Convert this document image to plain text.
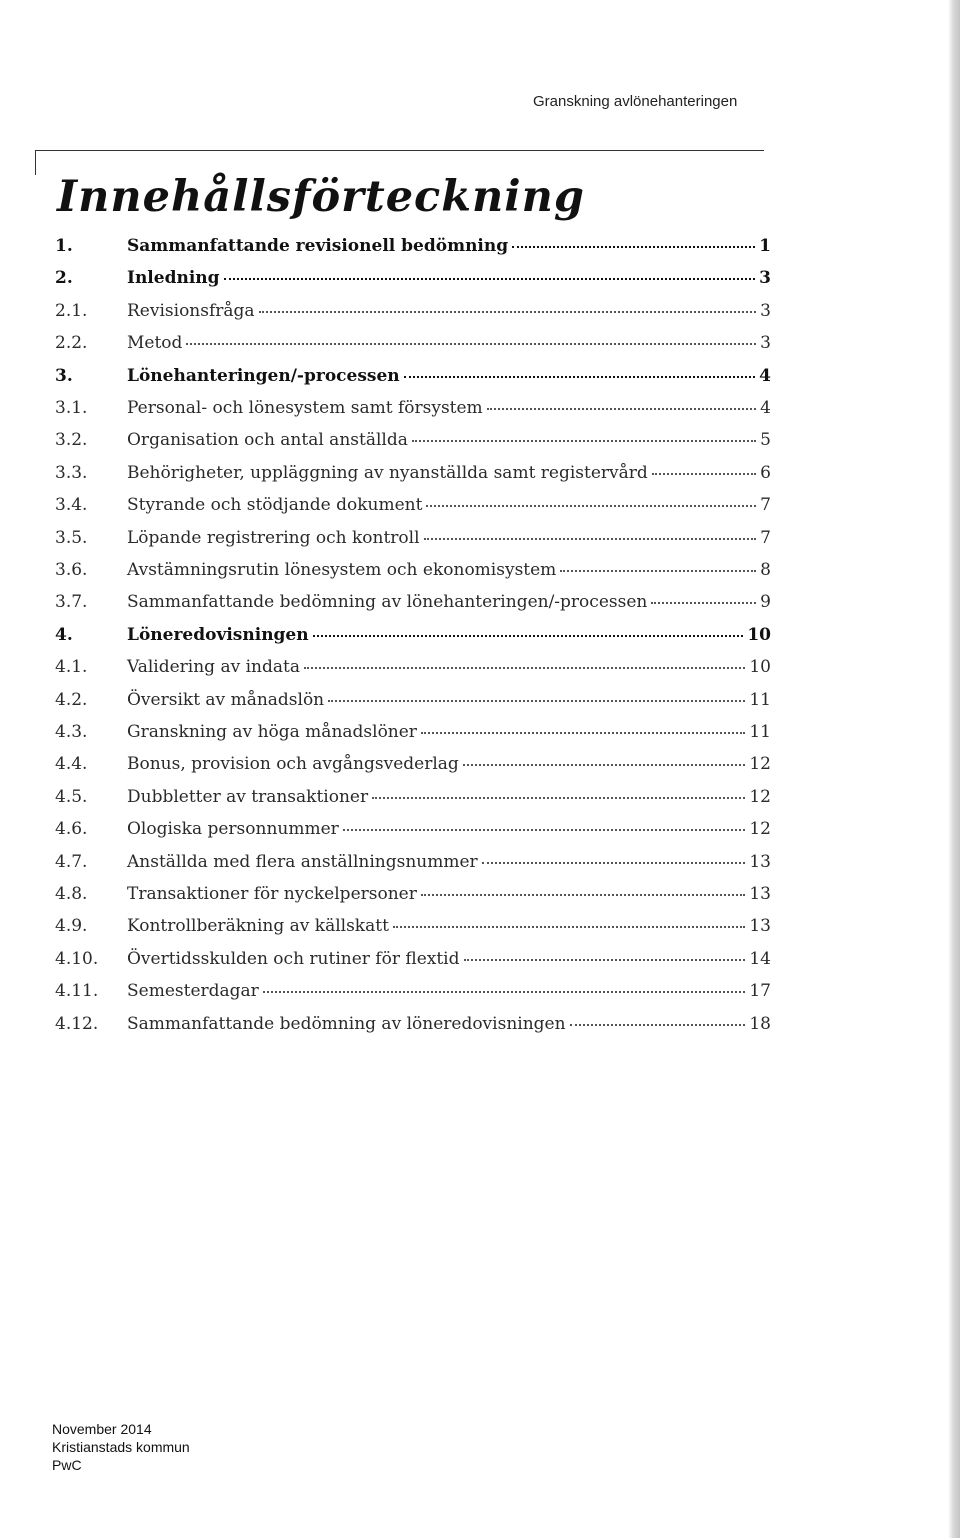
Granskning avlönehanteringen
Innehållsförteckning
1.	Sammanfattande revisionell bedömning	1
2.	Inledning	3
2.1.	Revisionsfråga	3
2.2.	Metod	3
3.	Lönehanteringen/-processen	4
3.1.	Personal- och lönesystem samt försystem	4
3.2.	Organisation och antal anställda	5
3.3.	Behörigheter, uppläggning av nyanställda samt registervård	6
3.4.	Styrande och stödjande dokument	7
3.5.	Löpande registrering och kontroll	7
3.6.	Avstämningsrutin lönesystem och ekonomisystem	8
3.7.	Sammanfattande bedömning av lönehanteringen/-processen	9
4.	Löneredovisningen	10
4.1.	Validering av indata	10
4.2.	Översikt av månadslön	11
4.3.	Granskning av höga månadslöner	11
4.4.	Bonus, provision och avgångsvederlag	12
4.5.	Dubbletter av transaktioner	12
4.6.	Ologiska personnummer	12
4.7.	Anställda med flera anställningsnummer	13
4.8.	Transaktioner för nyckelpersoner	13
4.9.	Kontrollberäkning av källskatt	13
4.10.	Övertidsskulden och rutiner för flextid	14
4.11.	Semesterdagar	17
4.12.	Sammanfattande bedömning av löneredovisningen	18
November 2014
Kristianstads kommun
PwC
